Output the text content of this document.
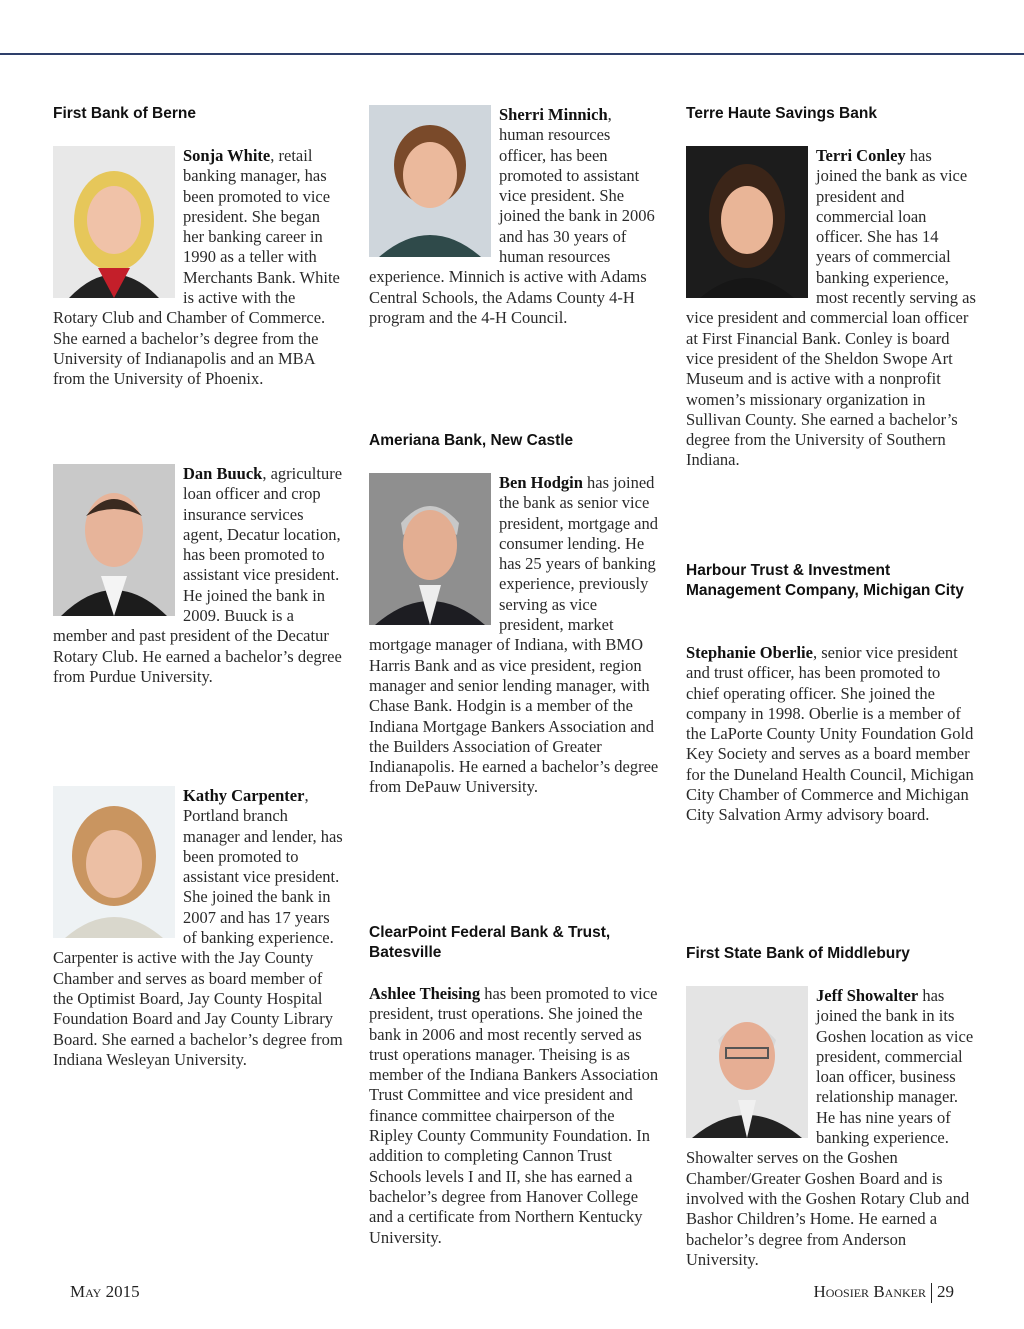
First Bank of Berne

Sonja White, retail banking manager, has been promoted to vice president. She began her banking career in 1990 as a teller with Merchants Bank. White is active with the Rotary Club and Chamber of Commerce. She earned a bachelor’s degree from the University of Indianapolis and an MBA from the University of Phoenix.

Dan Buuck, agriculture loan officer and crop insurance services agent, Decatur location, has been promoted to assistant vice president. He joined the bank in 2009. Buuck is a member and past president of the Decatur Rotary Club. He earned a bachelor’s degree from Purdue University.

Kathy Carpenter, Portland branch manager and lender, has been promoted to assistant vice president. She joined the bank in 2007 and has 17 years of banking experience. Carpenter is active with the Jay County Chamber and serves as board member of the Optimist Board, Jay County Hospital Foundation Board and Jay County Library Board. She earned a bachelor’s degree from Indiana Wesleyan University.

Sherri Minnich, human resources officer, has been promoted to assistant vice president. She joined the bank in 2006 and has 30 years of human resources experience. Minnich is active with Adams Central Schools, the Adams County 4-H program and the 4-H Council.

Ameriana Bank, New Castle

Ben Hodgin has joined the bank as senior vice president, mortgage and consumer lending. He has 25 years of banking experience, previously serving as vice president, market mortgage manager of Indiana, with BMO Harris Bank and as vice president, region manager and senior lending manager, with Chase Bank. Hodgin is a member of the Indiana Mortgage Bankers Association and the Builders Association of Greater Indianapolis. He earned a bachelor’s degree from DePauw University.

ClearPoint Federal Bank & Trust, Batesville

Ashlee Theising has been promoted to vice president, trust operations. She joined the bank in 2006 and most recently served as trust operations manager. Theising is as member of the Indiana Bankers Association Trust Committee and vice president and finance committee chairperson of the Ripley County Community Foundation. In addition to completing Cannon Trust Schools levels I and II, she has earned a bachelor’s degree from Hanover College and a certificate from Northern Kentucky University.

Terre Haute Savings Bank

Terri Conley has joined the bank as vice president and commercial loan officer. She has 14 years of commercial banking experience, most recently serving as vice president and commercial loan officer at First Financial Bank. Conley is board vice president of the Sheldon Swope Art Museum and is active with a nonprofit women’s missionary organization in Sullivan County. She earned a bachelor’s degree from the University of Southern Indiana.

Harbour Trust & Investment Management Company, Michigan City

Stephanie Oberlie, senior vice president and trust officer, has been promoted to chief operating officer. She joined the company in 1998. Oberlie is a member of the LaPorte County Unity Foundation Gold Key Society and serves as a board member for the Duneland Health Council, Michigan City Chamber of Commerce and Michigan City Salvation Army advisory board.

First State Bank of Middlebury

Jeff Showalter has joined the bank in its Goshen location as vice president, commercial loan officer, business relationship manager. He has nine years of banking experience. Showalter serves on the Goshen Chamber/Greater Goshen Board and is involved with the Goshen Rotary Club and Bashor Children’s Home. He earned a bachelor’s degree from Anderson University.

May 2015	Hoosier Banker 29
